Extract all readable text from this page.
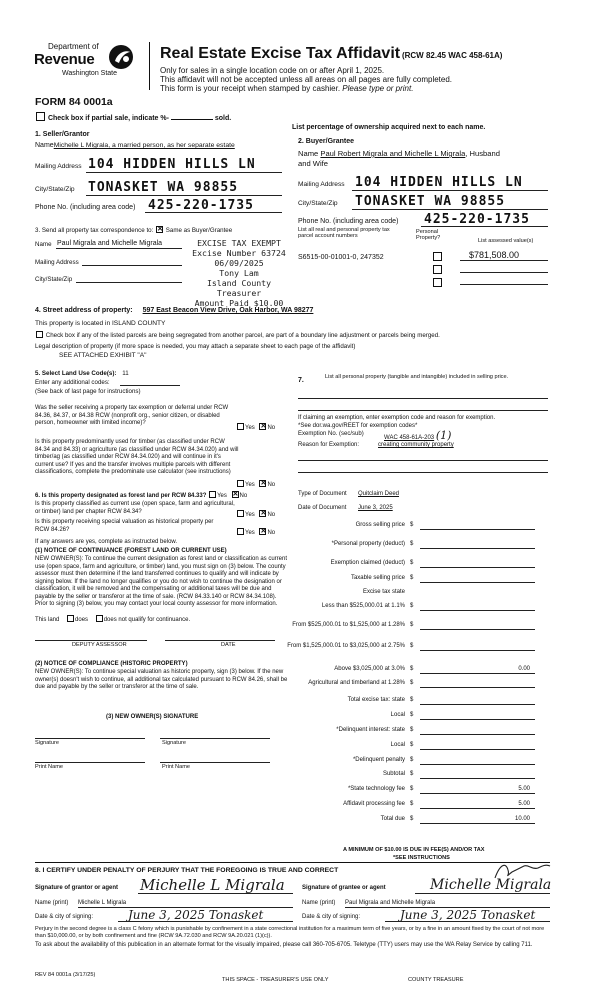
Department of
Revenue
Washington State
Real Estate Excise Tax Affidavit (RCW 82.45 WAC 458-61A)
Only for sales in a single location code on or after April 1, 2025.
This affidavit will not be accepted unless all areas on all pages are fully completed.
This form is your receipt when stamped by cashier. Please type or print.
FORM 84 0001a
Check box if partial sale, indicate %-	sold.
List percentage of ownership acquired next to each name.
1. Seller/Grantor
NameMichelle L Migrala, a married person, as her separate estate
Mailing Address 104 HIDDEN HILLS LN
City/State/Zip TONASKET WA 98855
Phone No. (including area code) 425-220-1735
2. Buyer/Grantee
Name Paul Robert Migrala and Michelle L Migrala, Husband
and Wife
Mailing Address 104 HIDDEN HILLS LN
City/State/Zip TONASKET WA 98855
Phone No. (including area code) 425-220-1735
3. Send all property tax correspondence to: ✕ Same as Buyer/Grantee
Name Paul Migrala and Michelle Migrala
Mailing Address
City/State/Zip
EXCISE TAX EXEMPT
Excise Number 63724
06/09/2025
Tony Lam
Island County Treasurer
Amount Paid $10.00
List all real and personal property tax
parcel account numbers
Personal
Property?	List assessed value(s)
S6515-00-01001-0, 247352	$781,508.00
4. Street address of property: 597 East Beacon View Drive, Oak Harbor, WA 98277
This property is located in ISLAND COUNTY
Check box if any of the listed parcels are being segregated from another parcel, are part of a boundary line adjustment or parcels being merged.
Legal description of property (if more space is needed, you may attach a separate sheet to each page of the affidavit)
SEE ATTACHED EXHIBIT "A"
5. Select Land Use Code(s): 11
Enter any additional codes:
(See back of last page for instructions)
Was the seller receiving a property tax exemption or deferral under RCW 84.36, 84.37, or 84.38 RCW (nonprofit org., senior citizen, or disabled person, homeowner with limited income)?
Yes ✕ No
Is this property predominantly used for timber (as classified under RCW 84.34 and 84.33) or agriculture (as classified under RCW 84.34.020) and will timber/ag (as classified under RCW 84.34.020) and will continue in it's current use? If yes and the transfer involves multiple parcels with different classifications, complete the predominate use calculator (see instructions)
Yes ✕ No
6. Is this property designated as forest land per RCW 84.33? Yes ✕ No
Is this property classified as current use (open space, farm and agricultural, or timber) land per chapter RCW 84.34?
Yes ✕ No
Is this property receiving special valuation as historical property per RCW 84.26?
Yes ✕ No
If any answers are yes, complete as instructed below.
(1) NOTICE OF CONTINUANCE (FOREST LAND OR CURRENT USE)
NEW OWNER(S): To continue the current designation as forest land or classification as current use (open space, farm and agriculture, or timber) land, you must sign on (3) below. The county assessor must then determine if the land transferred continues to qualify and will indicate by signing below. If the land no longer qualifies or you do not wish to continue the designation or classification, it will be removed and the compensating or additional taxes will be due and payable by the seller or transferor at the time of sale. (RCW 84.33.140 or RCW 84.34.108). Prior to signing (3) below, you may contact your local county assessor for more information.
This land	does	does not qualify for continuance.
DEPUTY ASSESSOR	DATE
(2) NOTICE OF COMPLIANCE (HISTORIC PROPERTY)
NEW OWNER(S): To continue special valuation as historic property, sign (3) below. If the new owner(s) doesn't wish to continue, all additional tax calculated pursuant to RCW 84.26, shall be due and payable by the seller or transferor at the time of sale.
(3) NEW OWNER(S) SIGNATURE
Signature	Signature
Print Name	Print Name
7.	List all personal property (tangible and intangible) included in selling price.
If claiming an exemption, enter exemption code and reason for exemption.
*See dor.wa.gov/REET for exemption codes*
Exemption No. (sec/sub)
WAC 458-61A-203 (1)
Reason for Exemption:	creating community property
Type of Document Quitclaim Deed
Date of Document June 3, 2025
Gross selling price $
*Personal property (deduct) $
Exemption claimed (deduct) $
Taxable selling price $
Excise tax state
Less than $525,000.01 at 1.1% $
From $525,000.01 to $1,525,000 at 1.28% $
From $1,525,000.01 to $3,025,000 at 2.75% $
Above $3,025,000 at 3.0% $	0.00
Agricultural and timberland at 1.28% $
Total excise tax: state $
Local $
*Delinquent interest: state $
Local $
*Delinquent penalty $
Subtotal $
*State technology fee $	5.00
Affidavit processing fee $	5.00
Total due $	10.00
A MINIMUM OF $10.00 IS DUE IN FEE(S) AND/OR TAX
*SEE INSTRUCTIONS
8. I CERTIFY UNDER PENALTY OF PERJURY THAT THE FOREGOING IS TRUE AND CORRECT
Signature of grantor or agent Michelle L Migrala	Signature of grantee or agent	Michelle Migrala
Name (print) Michelle L Migrala	Name (print) Paul Migrala and Michelle Migrala
Date & city of signing:	June 3, 2025 Tonasket	Date & city of signing:	June 3, 2025 Tonasket
Perjury in the second degree is a class C felony which is punishable by confinement in a state correctional institution for a maximum term of five years, or by a fine in an amount fixed by the court of not more than $10,000.00, or by both confinement and fine (RCW 9A.72.030 and RCW 9A.20.021 (1)(c)).
To ask about the availability of this publication in an alternate format for the visually impaired, please call 360-705-6705. Teletype (TTY) users may use the WA Relay Service by calling 711.
REV 84 0001a (3/17/25)
THIS SPACE - TREASURER'S USE ONLY	COUNTY TREASURE
